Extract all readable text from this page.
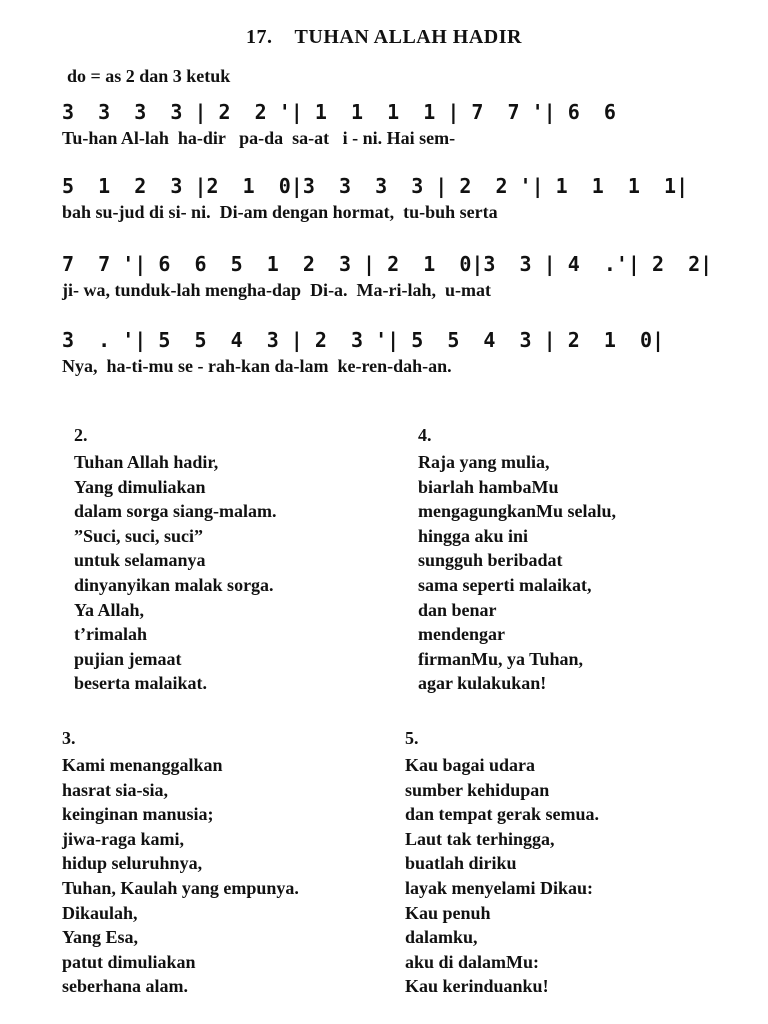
17. TUHAN ALLAH HADIR
do = as 2 dan 3 ketuk
3  3  3  3 | 2  2 '| 1  1  1  1 | 7  7 '| 6  6
Tu-han Al-lah  ha-dir   pa-da  sa-at   i - ni. Hai sem-
5  1  2  3 |2  1  0|3  3  3  3 | 2  2 '| 1  1  1  1|
bah su-jud di si- ni.  Di-am dengan hormat,  tu-buh serta
7  7 '| 6  6  5  1  2  3 | 2  1  0|3  3 | 4  .'| 2  2|
ji- wa, tunduk-lah mengha-dap  Di-a.  Ma-ri-lah,  u-mat
3  . '| 5  5  4  3 | 2  3 '| 5  5  4  3 | 2  1  0|
Nya,  ha-ti-mu se - rah-kan da-lam  ke-ren-dah-an.
2.
Tuhan Allah hadir,
Yang dimuliakan
dalam sorga siang-malam.
”Suci, suci, suci”
untuk selamanya
dinyanyikan malak sorga.
Ya Allah,
t’rimalah
pujian jemaat
beserta malaikat.
4.
Raja yang mulia,
biarlah hambaMu
mengagungkanMu selalu,
hingga aku ini
sungguh beribadat
sama seperti malaikat,
dan benar
mendengar
firmanMu, ya Tuhan,
agar kulakukan!
3.
Kami menanggalkan
hasrat sia-sia,
keinginan manusia;
jiwa-raga kami,
hidup seluruhnya,
Tuhan, Kaulah yang empunya.
Dikaulah,
Yang Esa,
patut dimuliakan
seberhana alam.
5.
Kau bagai udara
sumber kehidupan
dan tempat gerak semua.
Laut tak terhingga,
buatlah diriku
layak menyelami Dikau:
Kau penuh
dalamku,
aku di dalamMu:
Kau kerinduanku!
